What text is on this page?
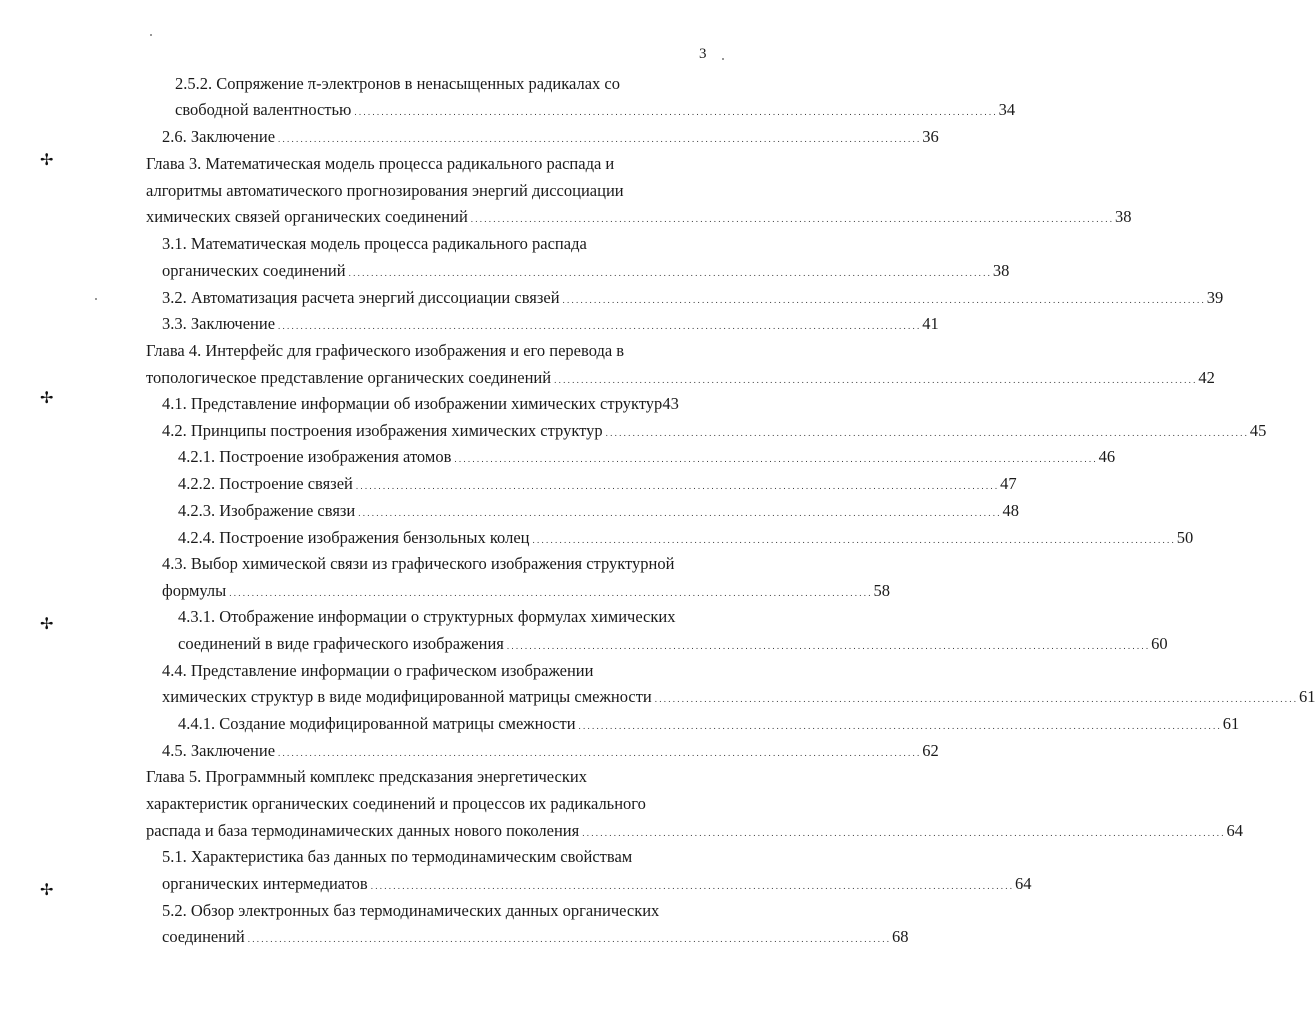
3
✢
✢
✢
✢
2.5.2. Сопряжение π-электронов в ненасыщенных радикалах со
свободной валентностью . . .	34
2.6. Заключение . . .	36
Глава 3. Математическая модель процесса радикального распада и
алгоритмы автоматического прогнозирования энергий диссоциации
химических связей органических соединений . . .	38
3.1. Математическая модель процесса радикального распада
органических соединений . . .	38
3.2. Автоматизация расчета энергий диссоциации связей . . .	39
3.3. Заключение . . .	41
Глава 4. Интерфейс для графического изображения и его перевода в
топологическое представление органических соединений . . .	42
4.1. Представление информации об изображении химических структур 43
4.2. Принципы построения изображения химических структур . . .	45
4.2.1. Построение изображения атомов . . .	46
4.2.2. Построение связей . . .	47
4.2.3. Изображение связи . . .	48
4.2.4. Построение изображения бензольных колец . . .	50
4.3. Выбор химической связи из графического изображения структурной
формулы . . .	58
4.3.1. Отображение информации о структурных формулах химических
соединений в виде графического изображения . . .	60
4.4. Представление информации о графическом изображении
химических структур в виде модифицированной матрицы смежности . . .	61
4.4.1. Создание модифицированной матрицы смежности . . .	61
4.5. Заключение . . .	62
Глава 5. Программный комплекс предсказания энергетических
характеристик органических соединений и процессов их радикального
распада и база термодинамических данных нового поколения . . .	64
5.1. Характеристика баз данных по термодинамическим свойствам
органических интермедиатов . . .	64
5.2. Обзор электронных баз термодинамических данных органических
соединений . . .	68
